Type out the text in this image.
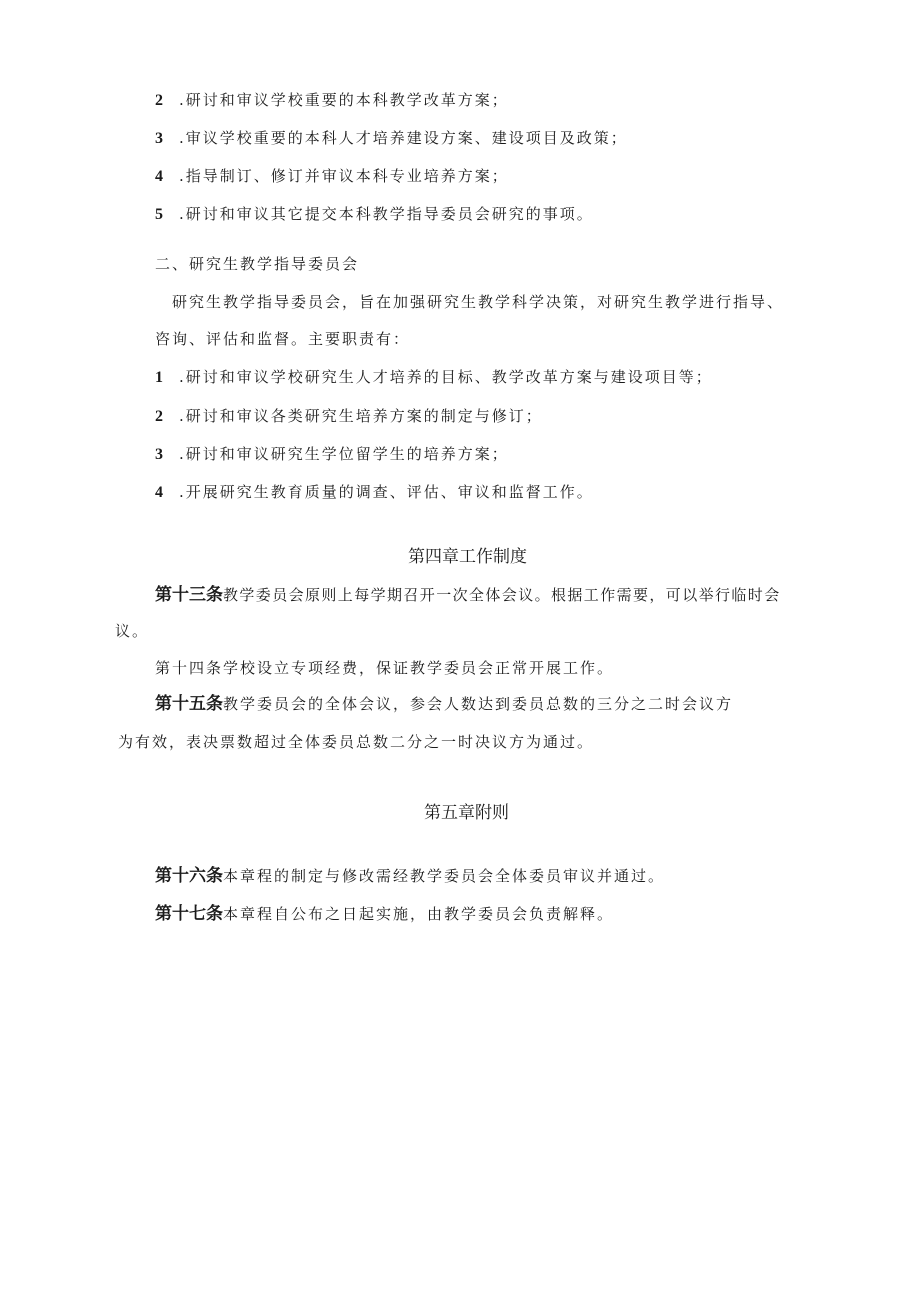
2 .研讨和审议学校重要的本科教学改革方案；
3 .审议学校重要的本科人才培养建设方案、建设项目及政策；
4 .指导制订、修订并审议本科专业培养方案；
5 .研讨和审议其它提交本科教学指导委员会研究的事项。
二、研究生教学指导委员会
研究生教学指导委员会，旨在加强研究生教学科学决策，对研究生教学进行指导、
咨询、评估和监督。主要职责有：
1 .研讨和审议学校研究生人才培养的目标、教学改革方案与建设项目等；
2 .研讨和审议各类研究生培养方案的制定与修订；
3 .研讨和审议研究生学位留学生的培养方案；
4 .开展研究生教育质量的调查、评估、审议和监督工作。
第四章工作制度
第十三条教学委员会原则上每学期召开一次全体会议。根据工作需要，可以举行临时会
议。
第十四条学校设立专项经费，保证教学委员会正常开展工作。
第十五条教学委员会的全体会议，参会人数达到委员总数的三分之二时会议方
为有效，表决票数超过全体委员总数二分之一时决议方为通过。
第五章附则
第十六条本章程的制定与修改需经教学委员会全体委员审议并通过。
第十七条本章程自公布之日起实施，由教学委员会负责解释。
